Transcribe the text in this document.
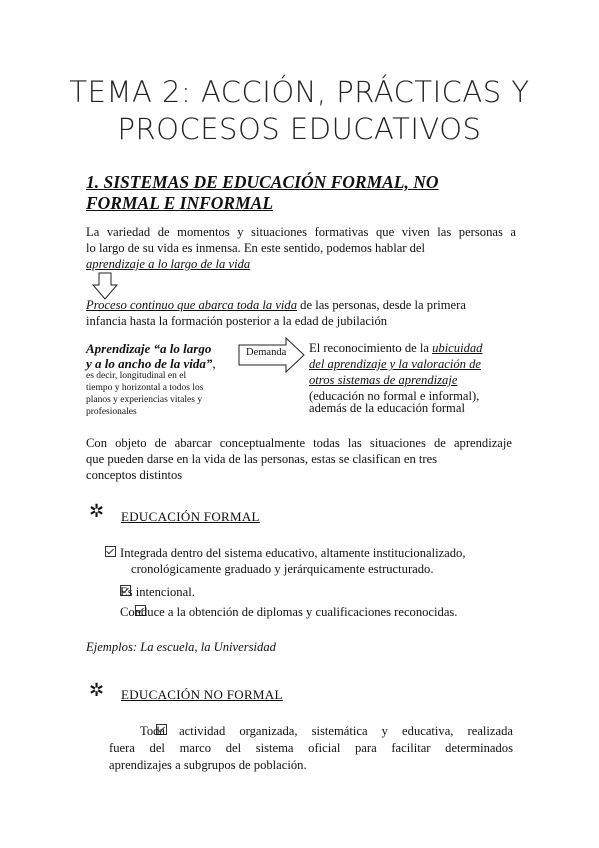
TEMA 2: ACCIÓN, PRÁCTICAS Y
PROCESOS EDUCATIVOS
1. SISTEMAS DE EDUCACIÓN FORMAL, NO
FORMAL E INFORMAL
La variedad de momentos y situaciones formativas que viven las personas a
lo largo de su vida es inmensa. En este sentido, podemos hablar del
aprendizaje a lo largo de la vida
Proceso continuo que abarca toda la vida de las personas, desde la primera
infancia hasta la formación posterior a la edad de jubilación
Aprendizaje “a lo largo
y a lo ancho de la vida”,
es decir, longitudinal en el
tiempo y horizontal a todos los
planos y experiencias vitales y
profesionales
Demanda El reconocimiento de la ubicuidad
del aprendizaje y la valoración de
otros sistemas de aprendizaje
(educación no formal e informal),
además de la educación formal
Con objeto de abarcar conceptualmente todas las situaciones de aprendizaje
que pueden darse en la vida de las personas, estas se clasifican en tres
conceptos distintos
✲ EDUCACIÓN FORMAL

Integrada dentro del sistema educativo, altamente institucionalizado,
cronológicamente graduado y jerárquicamente estructurado.

Es intencional.

Conduce a la obtención de diplomas y cualificaciones reconocidas.
Ejemplos: La escuela, la Universidad
✲ EDUCACIÓN NO FORMAL
Toda actividad organizada, sistemática y educativa, realizada
fuera del marco del sistema oficial para facilitar determinados
aprendizajes a subgrupos de población.
